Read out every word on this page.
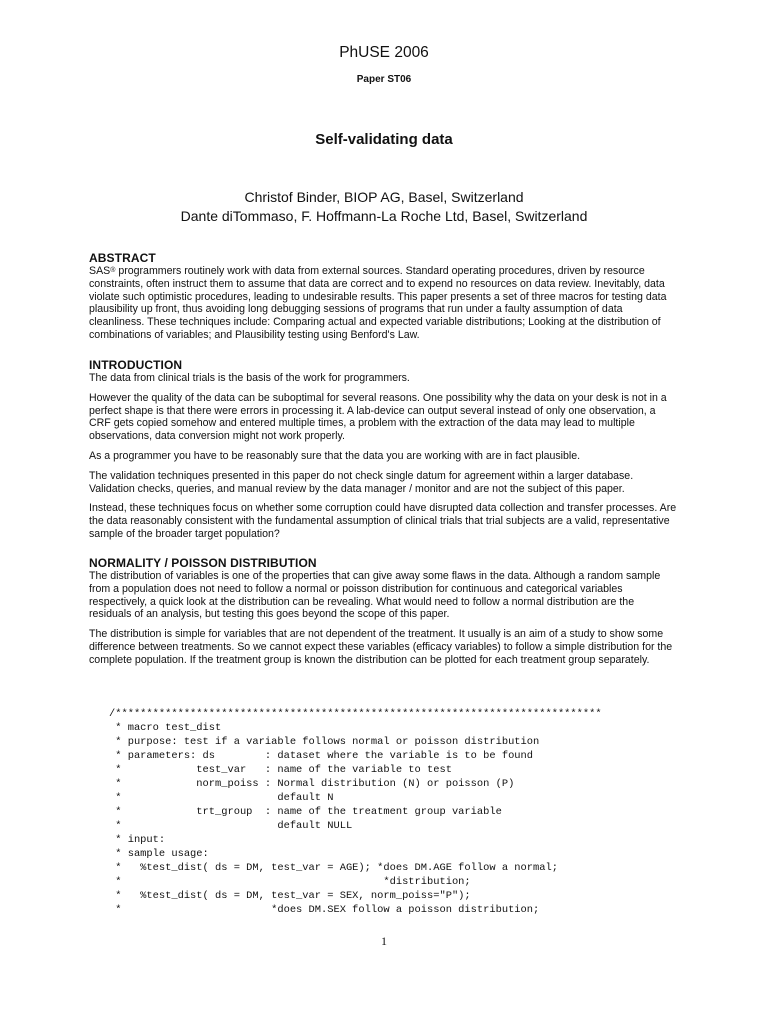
PhUSE 2006
Paper ST06
Self-validating data
Christof Binder, BIOP AG, Basel, Switzerland
Dante diTommaso, F. Hoffmann-La Roche Ltd, Basel, Switzerland
ABSTRACT

SAS® programmers routinely work with data from external sources. Standard operating procedures, driven by resource constraints, often instruct them to assume that data are correct and to expend no resources on data review. Inevitably, data violate such optimistic procedures, leading to undesirable results. This paper presents a set of three macros for testing data plausibility up front, thus avoiding long debugging sessions of programs that run under a faulty assumption of data cleanliness. These techniques include: Comparing actual and expected variable distributions; Looking at the distribution of combinations of variables; and Plausibility testing using Benford's Law.

INTRODUCTION

The data from clinical trials is the basis of the work for programmers.

However the quality of the data can be suboptimal for several reasons. One possibility why the data on your desk is not in a perfect shape is that there were errors in processing it. A lab-device can output several instead of only one observation, a CRF gets copied somehow and entered multiple times, a problem with the extraction of the data may lead to multiple observations, data conversion might not work properly.

As a programmer you have to be reasonably sure that the data you are working with are in fact plausible.

The validation techniques presented in this paper do not check single datum for agreement within a larger database. Validation checks, queries, and manual review by the data manager / monitor and are not the subject of this paper.

Instead, these techniques focus on whether some corruption could have disrupted data collection and transfer processes. Are the data reasonably consistent with the fundamental assumption of clinical trials that trial subjects are a valid, representative sample of the broader target population?

NORMALITY / POISSON DISTRIBUTION

The distribution of variables is one of the properties that can give away some flaws in the data. Although a random sample from a population does not need to follow a normal or poisson distribution for continuous and categorical variables respectively, a quick look at the distribution can be revealing. What would need to follow a normal distribution are the residuals of an analysis, but testing this goes beyond the scope of this paper.

The distribution is simple for variables that are not dependent of the treatment. It usually is an aim of a study to show some difference between treatments. So we cannot expect these variables (efficacy variables) to follow a simple distribution for the complete population. If the treatment group is known the distribution can be plotted for each treatment group separately.

/******************************************************************************
* macro test_dist
* purpose: test if a variable follows normal or poisson distribution
* parameters: ds        : dataset where the variable is to be found
*            test_var   : name of the variable to test
*            norm_poiss : Normal distribution (N) or poisson (P)
*                         default N
*            trt_group  : name of the treatment group variable
*                         default NULL
* input:
* sample usage:
*   %test_dist( ds = DM, test_var = AGE); *does DM.AGE follow a normal;
*                                          *distribution;
*   %test_dist( ds = DM, test_var = SEX, norm_poiss="P");
*                        *does DM.SEX follow a poisson distribution;
1
